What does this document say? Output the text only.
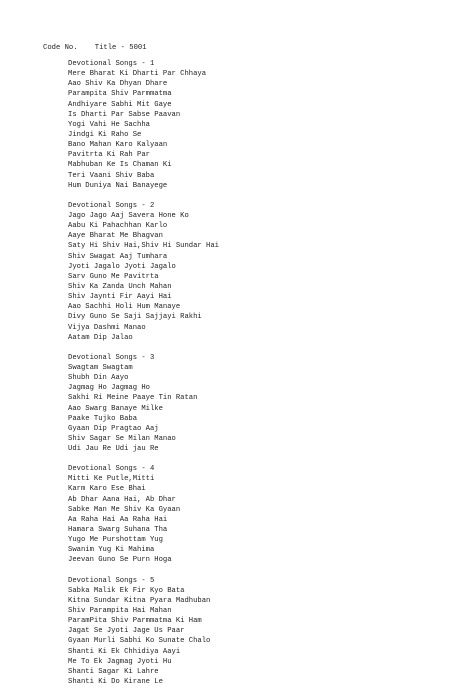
Code No. Title - 5001
Devotional Songs - 1
Mere Bharat Ki Dharti Par Chhaya
Aao Shiv Ka Dhyan Dhare
Parampita Shiv Parmmatma
Andhiyare Sabhi Mit Gaye
Is Dharti Par Sabse Paavan
Yogi Vahi He Sachha
Jindgi Ki Raho Se
Bano Mahan Karo Kalyaan
Pavitrta Ki Rah Par
Mabhuban Ke Is Chaman Ki
Teri Vaani Shiv Baba
Hum Duniya Nai Banayege
Devotional Songs - 2
Jago Jago Aaj Savera Hone Ko
Aabu Ki Pahachhan Karlo
Aaye Bharat Me Bhagvan
Saty Hi Shiv Hai,Shiv Hi Sundar Hai
Shiv Swagat Aaj Tumhara
Jyoti Jagalo Jyoti Jagalo
Sarv Guno Me Pavitrta
Shiv Ka Zanda Unch Mahan
Shiv Jaynti Fir Aayi Hai
Aao Sachhi Holi Hum Manaye
Divy Guno Se Saji Sajjayi Rakhi
Vijya Dashmi Manao
Aatam Dip Jalao
Devotional Songs - 3
Swagtam Swagtam
Shubh Din Aayo
Jagmag Ho Jagmag Ho
Sakhi Ri Meine Paaye Tin Ratan
Aao Swarg Banaye Milke
Paake Tujko Baba
Gyaan Dip Pragtao Aaj
Shiv Sagar Se Milan Manao
Udi Jau Re Udi jau Re
Devotional Songs - 4
Mitti Ke Putle,Mitti
Karm Karo Ese Bhai
Ab Dhar Aana Hai, Ab Dhar
Sabke Man Me Shiv Ka Gyaan
Aa Raha Hai Aa Raha Hai
Hamara Swarg Suhana Tha
Yugo Me Purshottam Yug
Swanim Yug Ki Mahima
Jeevan Guno Se Purn Hoga
Devotional Songs - 5
Sabka Malik Ek Fir Kyo Bata
Kitna Sundar Kitna Pyara Madhuban
Shiv Parampita Hai Mahan
ParamPita Shiv Parmmatma Ki Ham
Jagat Se Jyoti Jage Us Paar
Gyaan Murli Sabhi Ko Sunate Chalo
Shanti Ki Ek Chhidiya Aayi
Me To Ek Jagmag Jyoti Hu
Shanti Sagar Ki Lahre
Shanti Ki Do Kirane Le
